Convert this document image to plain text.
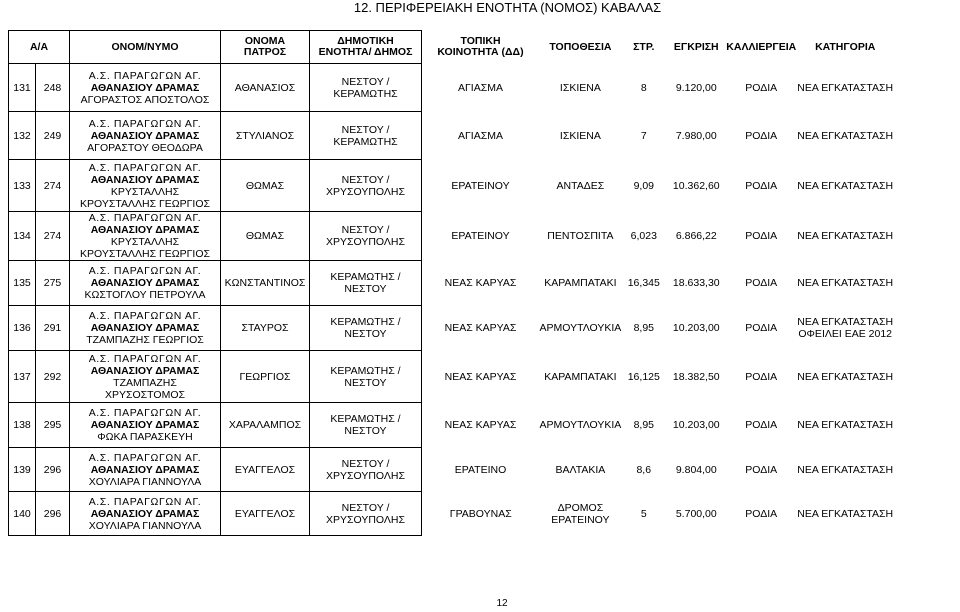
12. ΠΕΡΙΦΕΡΕΙΑΚΗ ΕΝΟΤΗΤΑ (ΝΟΜΟΣ) ΚΑΒΑΛΑΣ
Α/Α		ΟΝΟΜ/ΝΥΜΟ	ΟΝΟΜΑ
ΠΑΤΡΟΣ	ΔΗΜΟΤΙΚΗ
ΕΝΟΤΗΤΑ/ ΔΗΜΟΣ	ΤΟΠΙΚΗ
ΚΟΙΝΟΤΗΤΑ (ΔΔ)	ΤΟΠΟΘΕΣΙΑ	ΣΤΡ.	ΕΓΚΡΙΣΗ	ΚΑΛΛΙΕΡΓΕΙΑ	ΚΑΤΗΓΟΡΙΑ
131	248	Α.Σ. ΠΑΡΑΓΩΓΩΝ ΑΓ.
ΑΘΑΝΑΣΙΟΥ ΔΡΑΜΑΣ
ΑΓΟΡΑΣΤΟΣ ΑΠΟΣΤΟΛΟΣ	ΑΘΑΝΑΣΙΟΣ	ΝΕΣΤΟΥ /
ΚΕΡΑΜΩΤΗΣ	ΑΓΙΑΣΜΑ	ΙΣΚΙΕΝΑ	8	9.120,00	ΡΟΔΙΑ	ΝΕΑ ΕΓΚΑΤΑΣΤΑΣΗ

132	249	Α.Σ. ΠΑΡΑΓΩΓΩΝ ΑΓ.
ΑΘΑΝΑΣΙΟΥ ΔΡΑΜΑΣ
ΑΓΟΡΑΣΤΟΥ ΘΕΟΔΩΡΑ	ΣΤΥΛΙΑΝΟΣ	ΝΕΣΤΟΥ /
ΚΕΡΑΜΩΤΗΣ	ΑΓΙΑΣΜΑ	ΙΣΚΙΕΝΑ	7	7.980,00	ΡΟΔΙΑ	ΝΕΑ ΕΓΚΑΤΑΣΤΑΣΗ

133	274	Α.Σ. ΠΑΡΑΓΩΓΩΝ ΑΓ.
ΑΘΑΝΑΣΙΟΥ ΔΡΑΜΑΣ
ΚΡΥΣΤΑΛΛΗΣ
ΚΡΟΥΣΤΑΛΛΗΣ ΓΕΩΡΓΙΟΣ	ΘΩΜΑΣ	ΝΕΣΤΟΥ /
ΧΡΥΣΟΥΠΟΛΗΣ	ΕΡΑΤΕΙΝΟΥ	ΑΝΤΑΔΕΣ	9,09	10.362,60	ΡΟΔΙΑ	ΝΕΑ ΕΓΚΑΤΑΣΤΑΣΗ

134	274	Α.Σ. ΠΑΡΑΓΩΓΩΝ ΑΓ.
ΑΘΑΝΑΣΙΟΥ ΔΡΑΜΑΣ
ΚΡΥΣΤΑΛΛΗΣ
ΚΡΟΥΣΤΑΛΛΗΣ ΓΕΩΡΓΙΟΣ	ΘΩΜΑΣ	ΝΕΣΤΟΥ /
ΧΡΥΣΟΥΠΟΛΗΣ	ΕΡΑΤΕΙΝΟΥ	ΠΕΝΤΟΣΠΙΤΑ	6,023	6.866,22	ΡΟΔΙΑ	ΝΕΑ ΕΓΚΑΤΑΣΤΑΣΗ

135	275	Α.Σ. ΠΑΡΑΓΩΓΩΝ ΑΓ.
ΑΘΑΝΑΣΙΟΥ ΔΡΑΜΑΣ
ΚΩΣΤΟΓΛΟΥ ΠΕΤΡΟΥΛΑ	ΚΩΝΣΤΑΝΤΙΝΟΣ	ΚΕΡΑΜΩΤΗΣ /
ΝΕΣΤΟΥ	ΝΕΑΣ ΚΑΡΥΑΣ	ΚΑΡΑΜΠΑΤΑΚΙ	16,345	18.633,30	ΡΟΔΙΑ	ΝΕΑ ΕΓΚΑΤΑΣΤΑΣΗ

136	291	Α.Σ. ΠΑΡΑΓΩΓΩΝ ΑΓ.
ΑΘΑΝΑΣΙΟΥ ΔΡΑΜΑΣ
ΤΖΑΜΠΑΖΗΣ ΓΕΩΡΓΙΟΣ	ΣΤΑΥΡΟΣ	ΚΕΡΑΜΩΤΗΣ /
ΝΕΣΤΟΥ	ΝΕΑΣ ΚΑΡΥΑΣ	ΑΡΜΟΥΤΛΟΥΚΙΑ	8,95	10.203,00	ΡΟΔΙΑ	ΝΕΑ ΕΓΚΑΤΑΣΤΑΣΗ
ΟΦΕΙΛΕΙ ΕΑΕ 2012

137	292	Α.Σ. ΠΑΡΑΓΩΓΩΝ ΑΓ.
ΑΘΑΝΑΣΙΟΥ ΔΡΑΜΑΣ
ΤΖΑΜΠΑΖΗΣ
ΧΡΥΣΟΣΤΟΜΟΣ	ΓΕΩΡΓΙΟΣ	ΚΕΡΑΜΩΤΗΣ /
ΝΕΣΤΟΥ	ΝΕΑΣ ΚΑΡΥΑΣ	ΚΑΡΑΜΠΑΤΑΚΙ	16,125	18.382,50	ΡΟΔΙΑ	ΝΕΑ ΕΓΚΑΤΑΣΤΑΣΗ

138	295	Α.Σ. ΠΑΡΑΓΩΓΩΝ ΑΓ.
ΑΘΑΝΑΣΙΟΥ ΔΡΑΜΑΣ
ΦΩΚΑ ΠΑΡΑΣΚΕΥΗ	ΧΑΡΑΛΑΜΠΟΣ	ΚΕΡΑΜΩΤΗΣ /
ΝΕΣΤΟΥ	ΝΕΑΣ ΚΑΡΥΑΣ	ΑΡΜΟΥΤΛΟΥΚΙΑ	8,95	10.203,00	ΡΟΔΙΑ	ΝΕΑ ΕΓΚΑΤΑΣΤΑΣΗ

139	296	Α.Σ. ΠΑΡΑΓΩΓΩΝ ΑΓ.
ΑΘΑΝΑΣΙΟΥ ΔΡΑΜΑΣ
ΧΟΥΛΙΑΡΑ ΓΙΑΝΝΟΥΛΑ	ΕΥΑΓΓΕΛΟΣ	ΝΕΣΤΟΥ /
ΧΡΥΣΟΥΠΟΛΗΣ	ΕΡΑΤΕΙΝΟ	ΒΑΛΤΑΚΙΑ	8,6	9.804,00	ΡΟΔΙΑ	ΝΕΑ ΕΓΚΑΤΑΣΤΑΣΗ

140	296	Α.Σ. ΠΑΡΑΓΩΓΩΝ ΑΓ.
ΑΘΑΝΑΣΙΟΥ ΔΡΑΜΑΣ
ΧΟΥΛΙΑΡΑ ΓΙΑΝΝΟΥΛΑ	ΕΥΑΓΓΕΛΟΣ	ΝΕΣΤΟΥ /
ΧΡΥΣΟΥΠΟΛΗΣ	ΓΡΑΒΟΥΝΑΣ	ΔΡΟΜΟΣ
ΕΡΑΤΕΙΝΟΥ	5	5.700,00	ΡΟΔΙΑ	ΝΕΑ ΕΓΚΑΤΑΣΤΑΣΗ
12
